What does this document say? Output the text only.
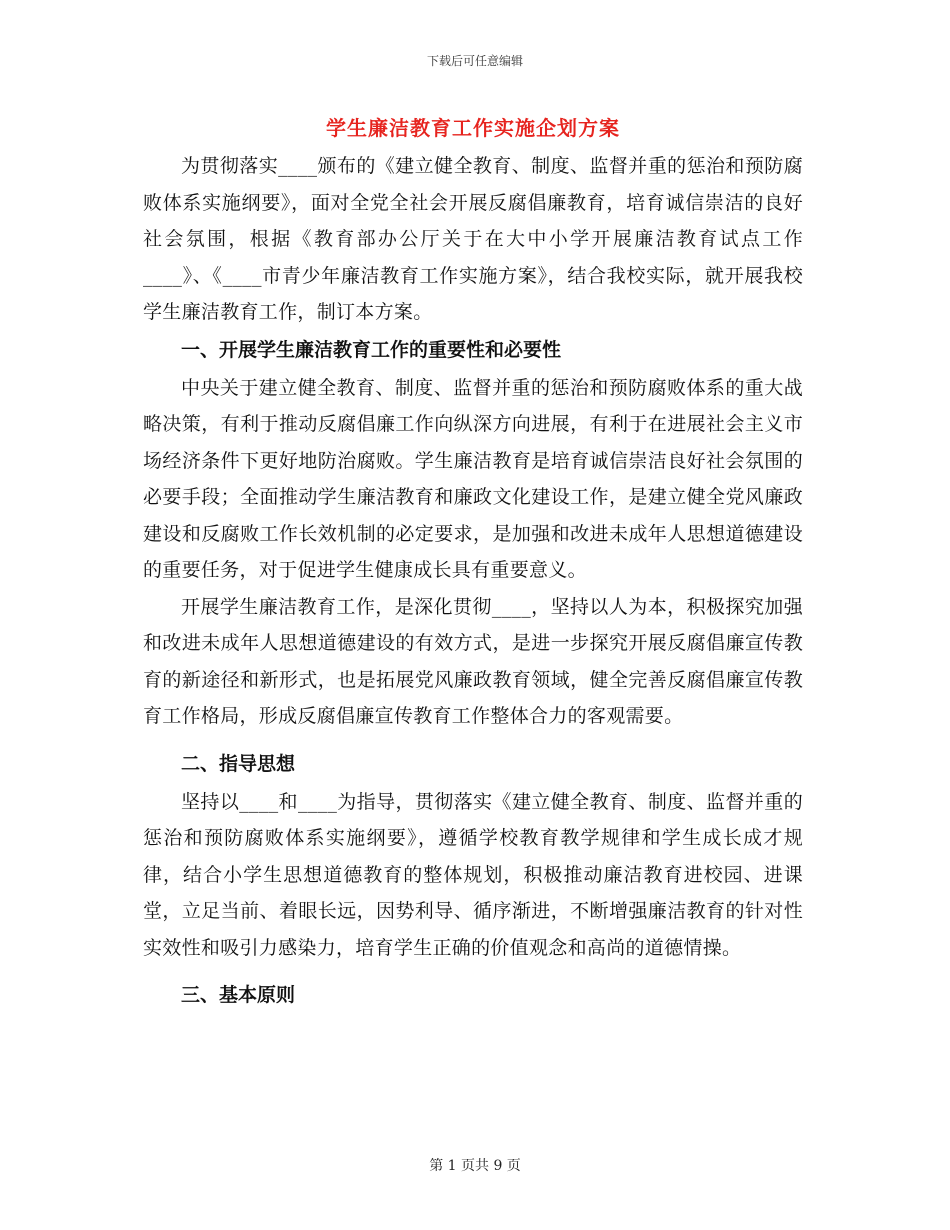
下载后可任意编辑
学生廉洁教育工作实施企划方案

为贯彻落实____颁布的《建立健全教育、制度、监督并重的惩治和预防腐败体系实施纲要》，面对全党全社会开展反腐倡廉教育，培育诚信崇洁的良好社会氛围，根据《教育部办公厅关于在大中小学开展廉洁教育试点工作____》、《____市青少年廉洁教育工作实施方案》，结合我校实际，就开展我校学生廉洁教育工作，制订本方案。

一、开展学生廉洁教育工作的重要性和必要性

中央关于建立健全教育、制度、监督并重的惩治和预防腐败体系的重大战略决策，有利于推动反腐倡廉工作向纵深方向进展，有利于在进展社会主义市场经济条件下更好地防治腐败。学生廉洁教育是培育诚信崇洁良好社会氛围的必要手段；全面推动学生廉洁教育和廉政文化建设工作，是建立健全党风廉政建设和反腐败工作长效机制的必定要求，是加强和改进未成年人思想道德建设的重要任务，对于促进学生健康成长具有重要意义。

开展学生廉洁教育工作，是深化贯彻____，坚持以人为本，积极探究加强和改进未成年人思想道德建设的有效方式，是进一步探究开展反腐倡廉宣传教育的新途径和新形式，也是拓展党风廉政教育领域，健全完善反腐倡廉宣传教育工作格局，形成反腐倡廉宣传教育工作整体合力的客观需要。

二、指导思想

坚持以____和____为指导，贯彻落实《建立健全教育、制度、监督并重的惩治和预防腐败体系实施纲要》，遵循学校教育教学规律和学生成长成才规律，结合小学生思想道德教育的整体规划，积极推动廉洁教育进校园、进课堂，立足当前、着眼长远，因势利导、循序渐进，不断增强廉洁教育的针对性实效性和吸引力感染力，培育学生正确的价值观念和高尚的道德情操。

三、基本原则

第 1 页共 9 页
